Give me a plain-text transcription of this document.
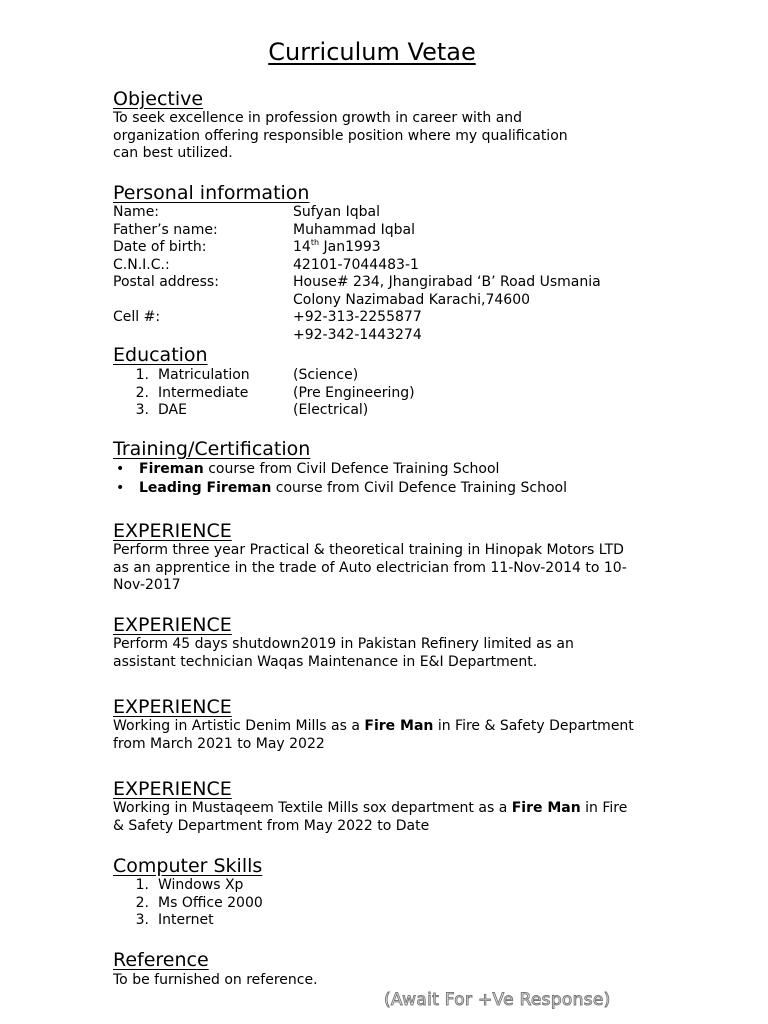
Curriculum Vetae
Objective

To seek excellence in profession growth in career with and

organization offering responsible position where my qualification

can best utilized.

Personal information
Name:	Sufyan Iqbal
Father’s name:	Muhammad Iqbal
Date of birth:	14th Jan1993
C.N.I.C.:	42101-7044483-1
Postal address:	House# 234, Jhangirabad ‘B’ Road Usmania
Colony Nazimabad Karachi,74600
Cell #:	+92-313-2255877
+92-342-1443274
Education
1. Matriculation	(Science)
2. Intermediate	(Pre Engineering)
3. DAE	(Electrical)
Training/Certification
• Fireman course from Civil Defence Training School
• Leading Fireman course from Civil Defence Training School
EXPERIENCE

Perform three year Practical & theoretical training in Hinopak Motors LTD

as an apprentice in the trade of Auto electrician from 11-Nov-2014 to 10-

Nov-2017

EXPERIENCE

Perform 45 days shutdown2019 in Pakistan Refinery limited as an

assistant technician Waqas Maintenance in E&I Department.

EXPERIENCE

Working in Artistic Denim Mills as a Fire Man in Fire & Safety Department

from March 2021 to May 2022

EXPERIENCE

Working in Mustaqeem Textile Mills sox department as a Fire Man in Fire

& Safety Department from May 2022 to Date

Computer Skills
1. Windows Xp
2. Ms Office 2000
3. Internet
Reference

To be furnished on reference.

(Await For +Ve Response)
